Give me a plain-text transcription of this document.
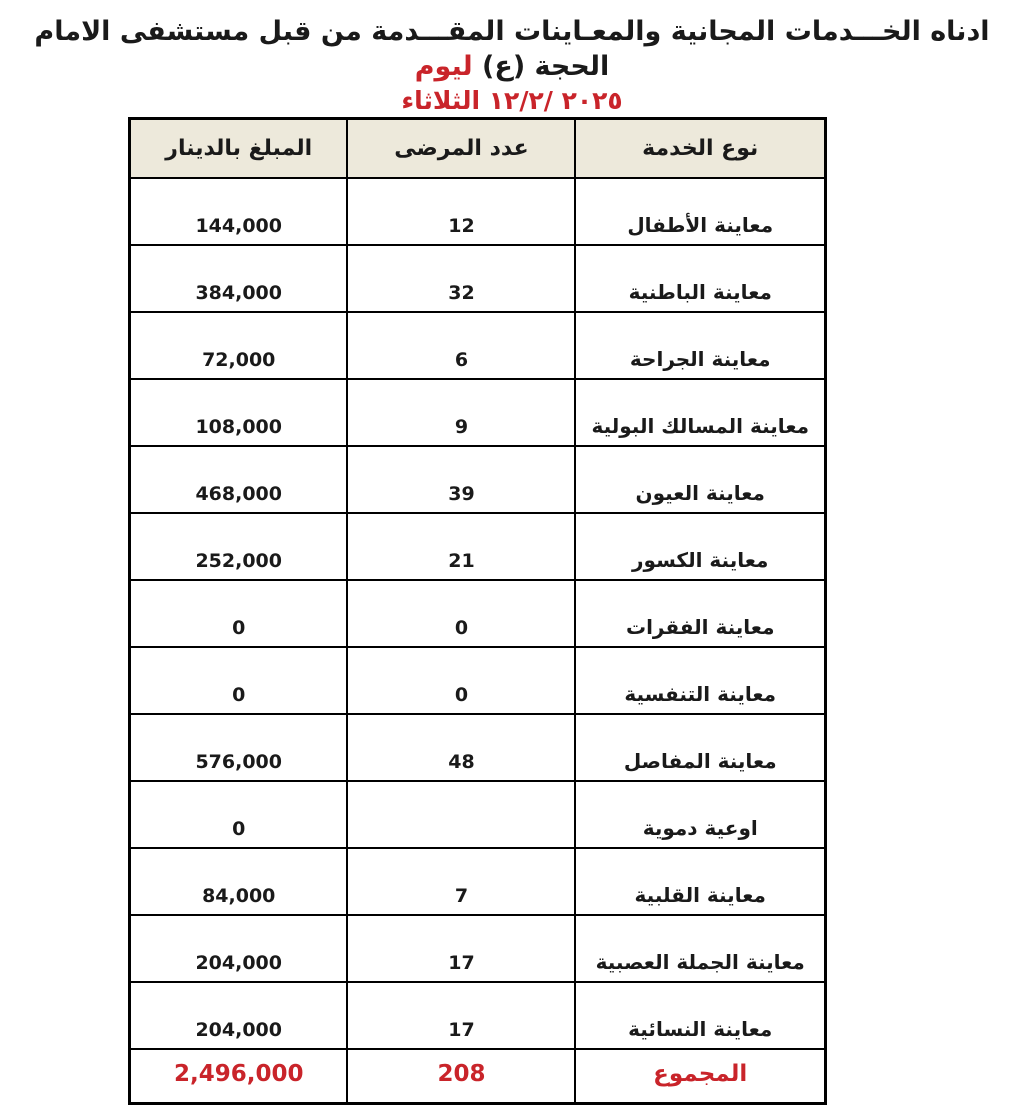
ادناه الخـــدمات المجانية والمعـاينات المقـــدمة من قبل مستشفى الامام الحجة (ع) ليوم
٢٠٢٥ /١٢/٢ الثلاثاء
نوع الخدمة	عدد المرضى	المبلغ بالدينار
معاينة الأطفال	12	144,000
معاينة الباطنية	32	384,000
معاينة الجراحة	6	72,000
معاينة المسالك البولية	9	108,000
معاينة العيون	39	468,000
معاينة الكسور	21	252,000
معاينة الفقرات	0	0
معاينة التنفسية	0	0
معاينة المفاصل	48	576,000
اوعية دموية		0
معاينة القلبية	7	84,000
معاينة الجملة العصبية	17	204,000
معاينة النسائية	17	204,000
المجموع	208	2,496,000
